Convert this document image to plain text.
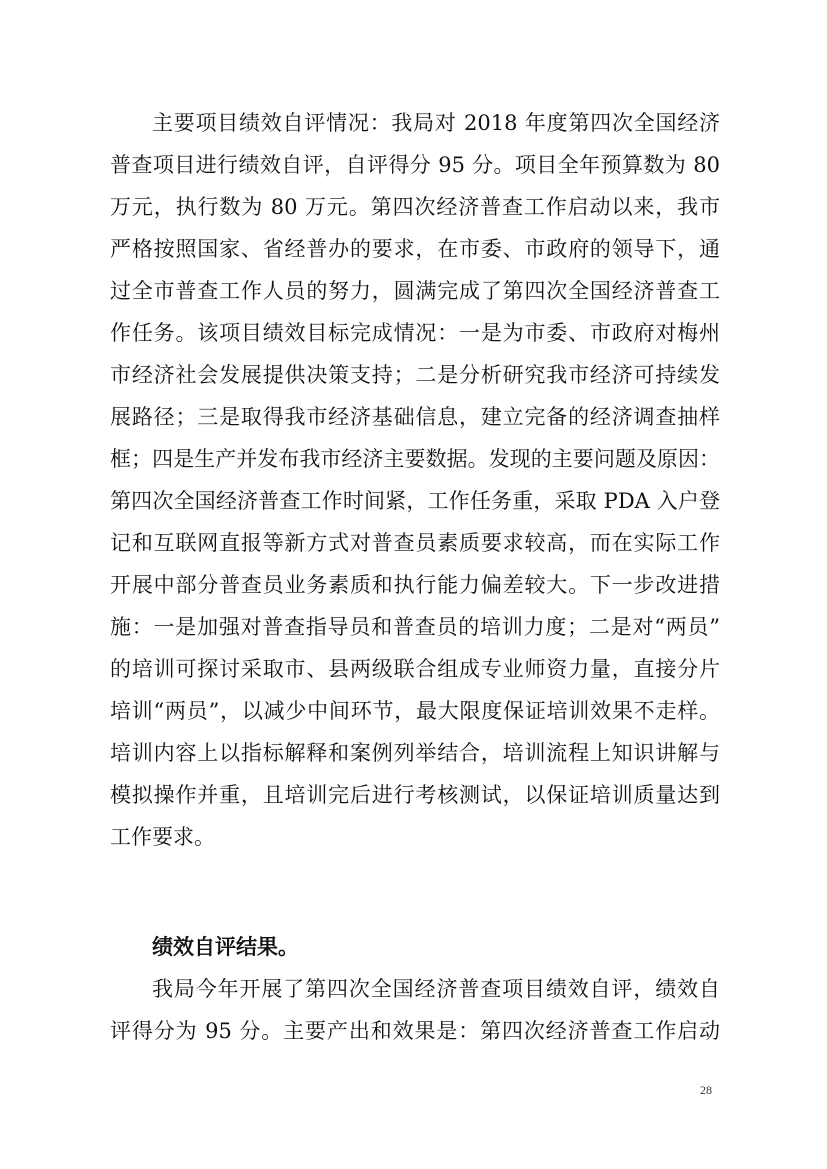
主要项目绩效自评情况：我局对 2018 年度第四次全国经济
普查项目进行绩效自评，自评得分 95 分。项目全年预算数为 80
万元，执行数为 80 万元。第四次经济普查工作启动以来，我市
严格按照国家、省经普办的要求，在市委、市政府的领导下，通
过全市普查工作人员的努力，圆满完成了第四次全国经济普查工
作任务。该项目绩效目标完成情况：一是为市委、市政府对梅州
市经济社会发展提供决策支持；二是分析研究我市经济可持续发
展路径；三是取得我市经济基础信息，建立完备的经济调查抽样
框；四是生产并发布我市经济主要数据。发现的主要问题及原因：
第四次全国经济普查工作时间紧，工作任务重，采取 PDA 入户登
记和互联网直报等新方式对普查员素质要求较高，而在实际工作
开展中部分普查员业务素质和执行能力偏差较大。下一步改进措
施：一是加强对普查指导员和普查员的培训力度；二是对“两员”
的培训可探讨采取市、县两级联合组成专业师资力量，直接分片
培训“两员”，以减少中间环节，最大限度保证培训效果不走样。
培训内容上以指标解释和案例列举结合，培训流程上知识讲解与
模拟操作并重，且培训完后进行考核测试，以保证培训质量达到
工作要求。
绩效自评结果。
我局今年开展了第四次全国经济普查项目绩效自评，绩效自
评得分为 95 分。主要产出和效果是：第四次经济普查工作启动
28
